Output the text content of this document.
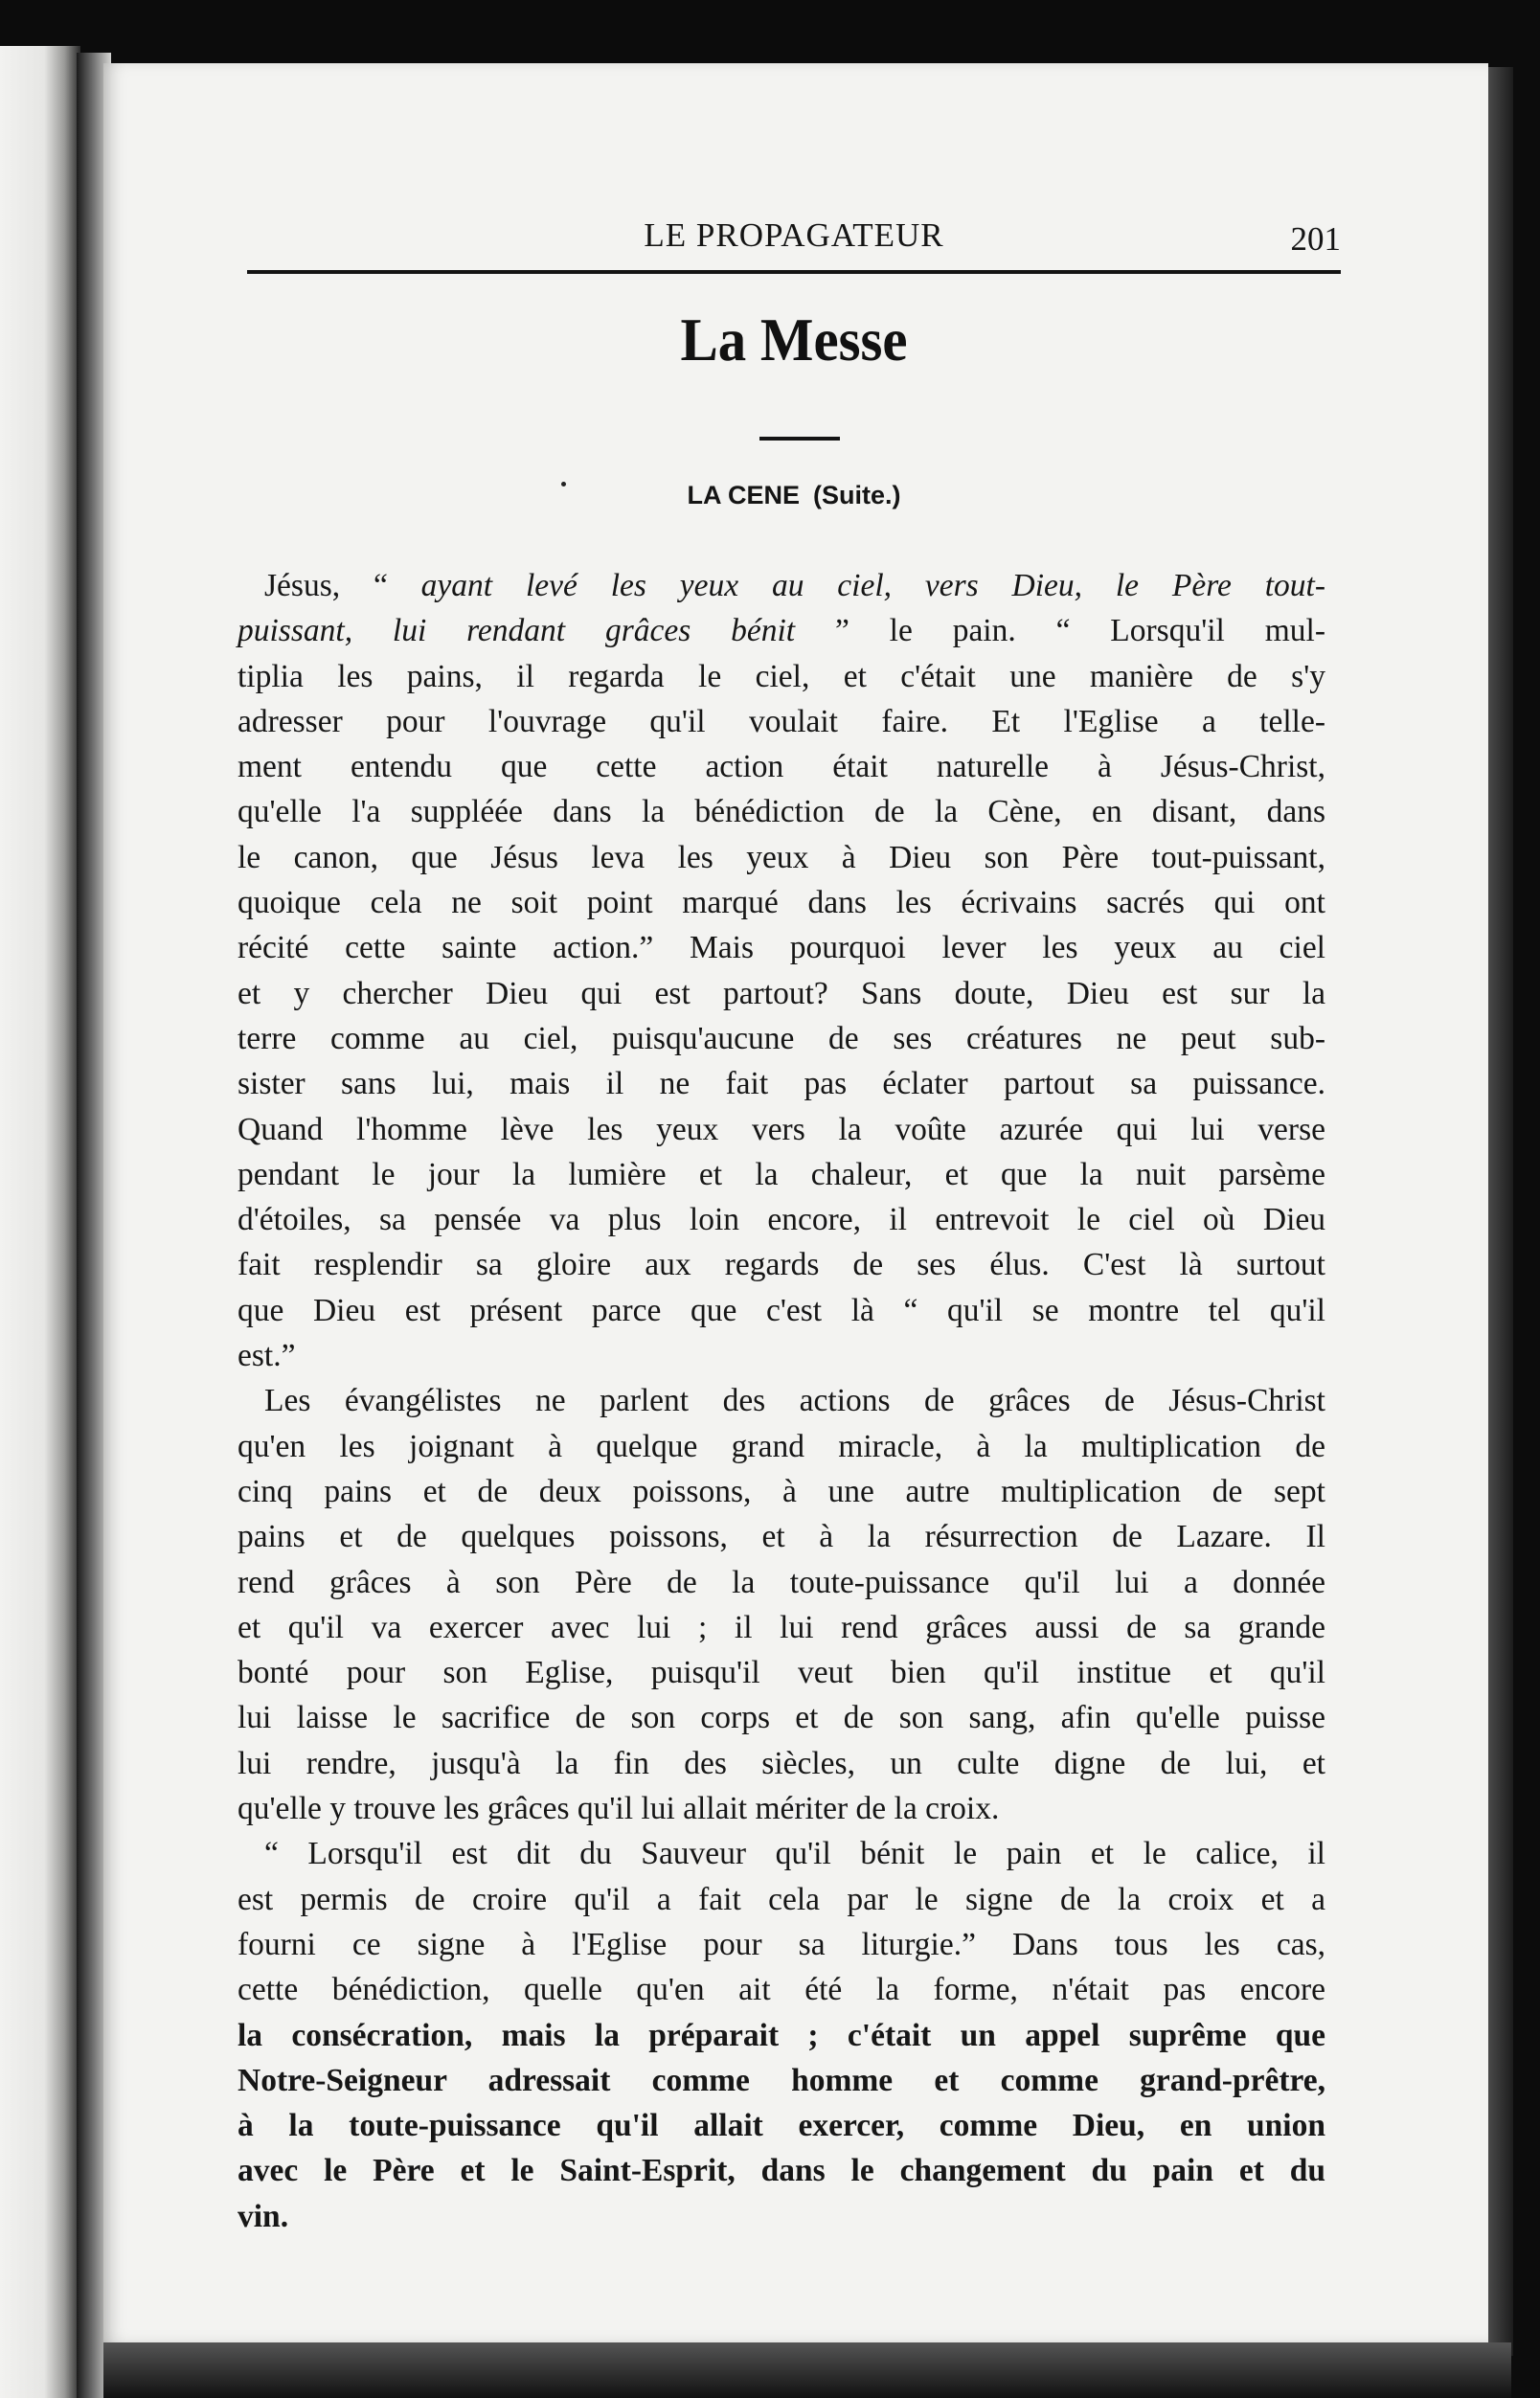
LE PROPAGATEUR	201
La Messe
LA CENE (Suite.)
Jésus, “ ayant levé les yeux au ciel, vers Dieu, le Père tout-
puissant, lui rendant grâces bénit ” le pain. “ Lorsqu'il mul-
tiplia les pains, il regarda le ciel, et c'était une manière de s'y
adresser pour l'ouvrage qu'il voulait faire. Et l'Eglise a telle-
ment entendu que cette action était naturelle à Jésus-Christ,
qu'elle l'a suppléée dans la bénédiction de la Cène, en disant, dans
le canon, que Jésus leva les yeux à Dieu son Père tout-puissant,
quoique cela ne soit point marqué dans les écrivains sacrés qui ont
récité cette sainte action.” Mais pourquoi lever les yeux au ciel
et y chercher Dieu qui est partout? Sans doute, Dieu est sur la
terre comme au ciel, puisqu'aucune de ses créatures ne peut sub-
sister sans lui, mais il ne fait pas éclater partout sa puissance.
Quand l'homme lève les yeux vers la voûte azurée qui lui verse
pendant le jour la lumière et la chaleur, et que la nuit parsème
d'étoiles, sa pensée va plus loin encore, il entrevoit le ciel où Dieu
fait resplendir sa gloire aux regards de ses élus. C'est là surtout
que Dieu est présent parce que c'est là “ qu'il se montre tel qu'il
est.”
Les évangélistes ne parlent des actions de grâces de Jésus-Christ
qu'en les joignant à quelque grand miracle, à la multiplication de
cinq pains et de deux poissons, à une autre multiplication de sept
pains et de quelques poissons, et à la résurrection de Lazare. Il
rend grâces à son Père de la toute-puissance qu'il lui a donnée
et qu'il va exercer avec lui ; il lui rend grâces aussi de sa grande
bonté pour son Eglise, puisqu'il veut bien qu'il institue et qu'il
lui laisse le sacrifice de son corps et de son sang, afin qu'elle puisse
lui rendre, jusqu'à la fin des siècles, un culte digne de lui, et
qu'elle y trouve les grâces qu'il lui allait mériter de la croix.
“ Lorsqu'il est dit du Sauveur qu'il bénit le pain et le calice, il
est permis de croire qu'il a fait cela par le signe de la croix et a
fourni ce signe à l'Eglise pour sa liturgie.” Dans tous les cas,
cette bénédiction, quelle qu'en ait été la forme, n'était pas encore
la consécration, mais la préparait ; c'était un appel suprême que
Notre-Seigneur adressait comme homme et comme grand-prêtre,
à la toute-puissance qu'il allait exercer, comme Dieu, en union
avec le Père et le Saint-Esprit, dans le changement du pain et du
vin.
